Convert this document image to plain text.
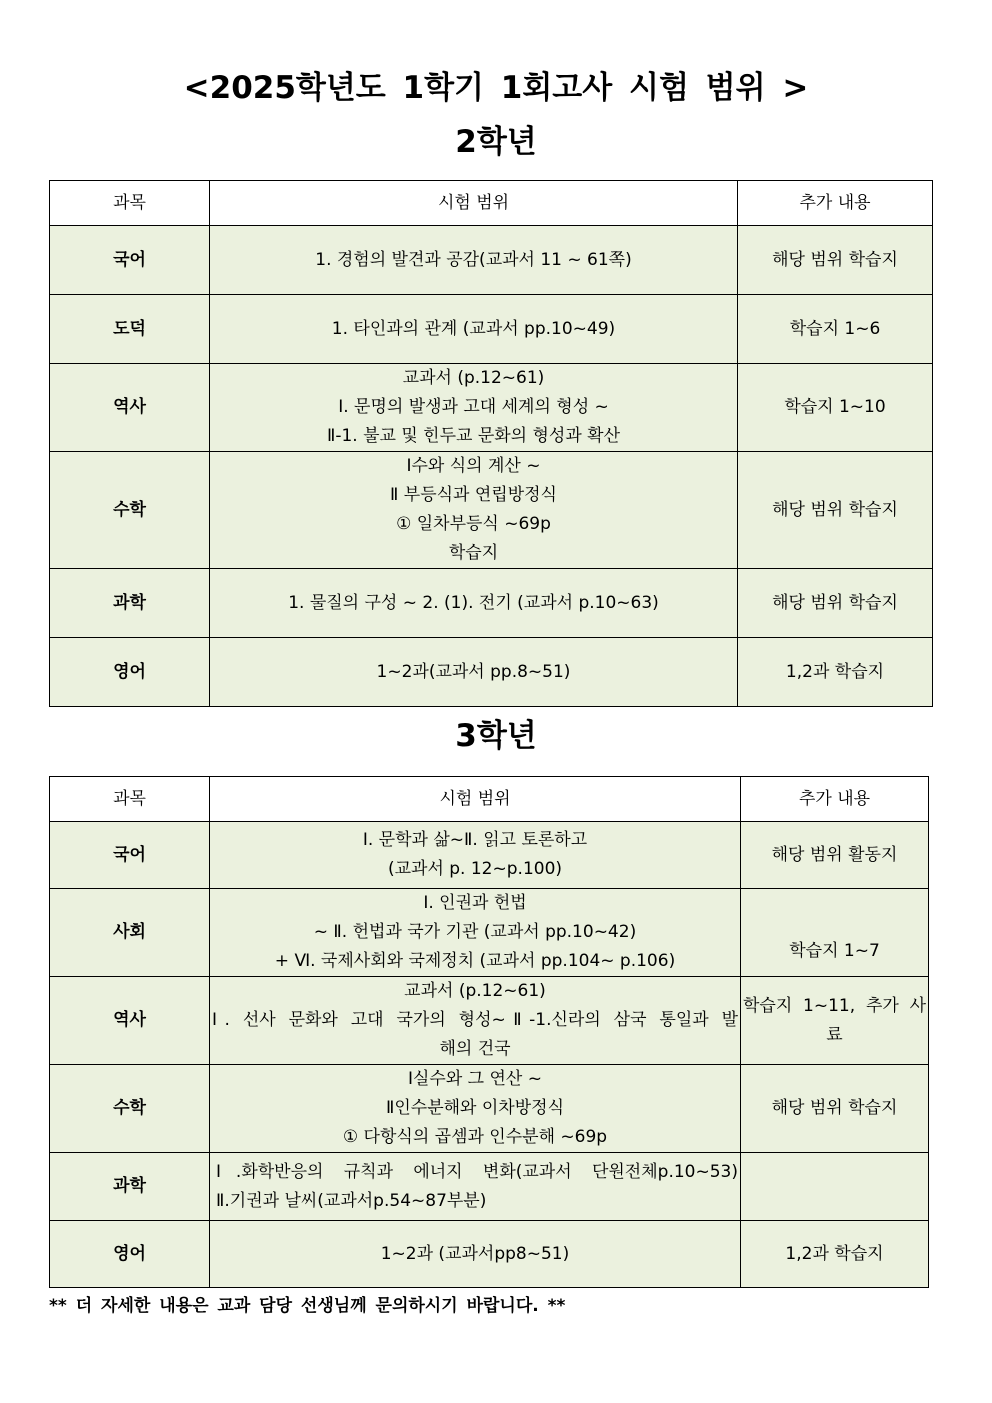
<2025학년도 1학기 1회고사 시험 범위 >
2학년
과목	시험 범위	추가 내용
국어	1. 경험의 발견과 공감(교과서 11 ~ 61쪽)	해당 범위 학습지

도덕	1. 타인과의 관계 (교과서 pp.10~49)	학습지 1~6

역사	교과서 (p.12~61)
Ⅰ. 문명의 발생과 고대 세계의 형성 ~
Ⅱ-1. 불교 및 힌두교 문화의 형성과 확산	학습지 1~10

수학	Ⅰ수와 식의 계산 ~
Ⅱ 부등식과 연립방정식
① 일차부등식 ~69p
학습지	해당 범위 학습지

과학	1. 물질의 구성 ~ 2. (1). 전기 (교과서 p.10~63)	해당 범위 학습지

영어	1~2과(교과서 pp.8~51)	1,2과 학습지
3학년
과목	시험 범위	추가 내용
국어	Ⅰ. 문학과 삶~Ⅱ. 읽고 토론하고
(교과서 p. 12~p.100)	해당 범위 활동지

사회	Ⅰ. 인권과 헌법
~ Ⅱ. 헌법과 국가 기관 (교과서 pp.10~42)
+ Ⅵ. 국제사회와 국제정치 (교과서 pp.104~ p.106)	학습지 1~7

역사	교과서 (p.12~61)
Ⅰ. 선사 문화와 고대 국가의 형성~Ⅱ-1.신라의 삼국 통일과 발
해의 건국	학습지 1~11, 추가 사
료

수학	Ⅰ실수와 그 연산 ~
Ⅱ인수분해와 이차방정식
① 다항식의 곱셈과 인수분해 ~69p	해당 범위 학습지

과학	Ⅰ.화학반응의 규칙과 에너지 변화(교과서 단원전체p.10~53)
Ⅱ.기권과 날씨(교과서p.54~87부분)	

영어	1~2과 (교과서pp8~51)	1,2과 학습지
** 더 자세한 내용은 교과 담당 선생님께 문의하시기 바랍니다. **
